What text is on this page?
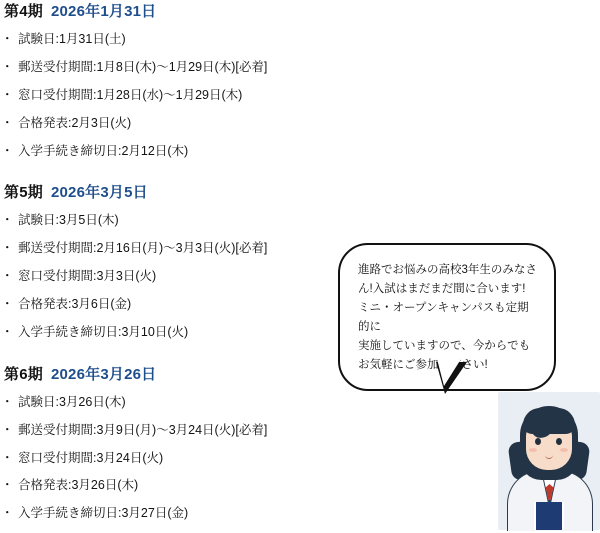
第4期 2026年1月31日
・ 試験日:1月31日(土)
・ 郵送受付期間:1月8日(木)〜1月29日(木)[必着]
・ 窓口受付期間:1月28日(水)〜1月29日(木)
・ 合格発表:2月3日(火)
・ 入学手続き締切日:2月12日(木)
第5期 2026年3月5日
・ 試験日:3月5日(木)
・ 郵送受付期間:2月16日(月)〜3月3日(火)[必着]
・ 窓口受付期間:3月3日(火)
・ 合格発表:3月6日(金)
・ 入学手続き締切日:3月10日(火)
第6期 2026年3月26日
・ 試験日:3月26日(木)
・ 郵送受付期間:3月9日(月)〜3月24日(火)[必着]
・ 窓口受付期間:3月24日(火)
・ 合格発表:3月26日(木)
・ 入学手続き締切日:3月27日(金)

進路でお悩みの高校3年生のみなさ

ん!入試はまだまだ間に合います!

ミニ・オープンキャンパスも定期的に

実施していますので、今からでも

お気軽にご参加ください!
